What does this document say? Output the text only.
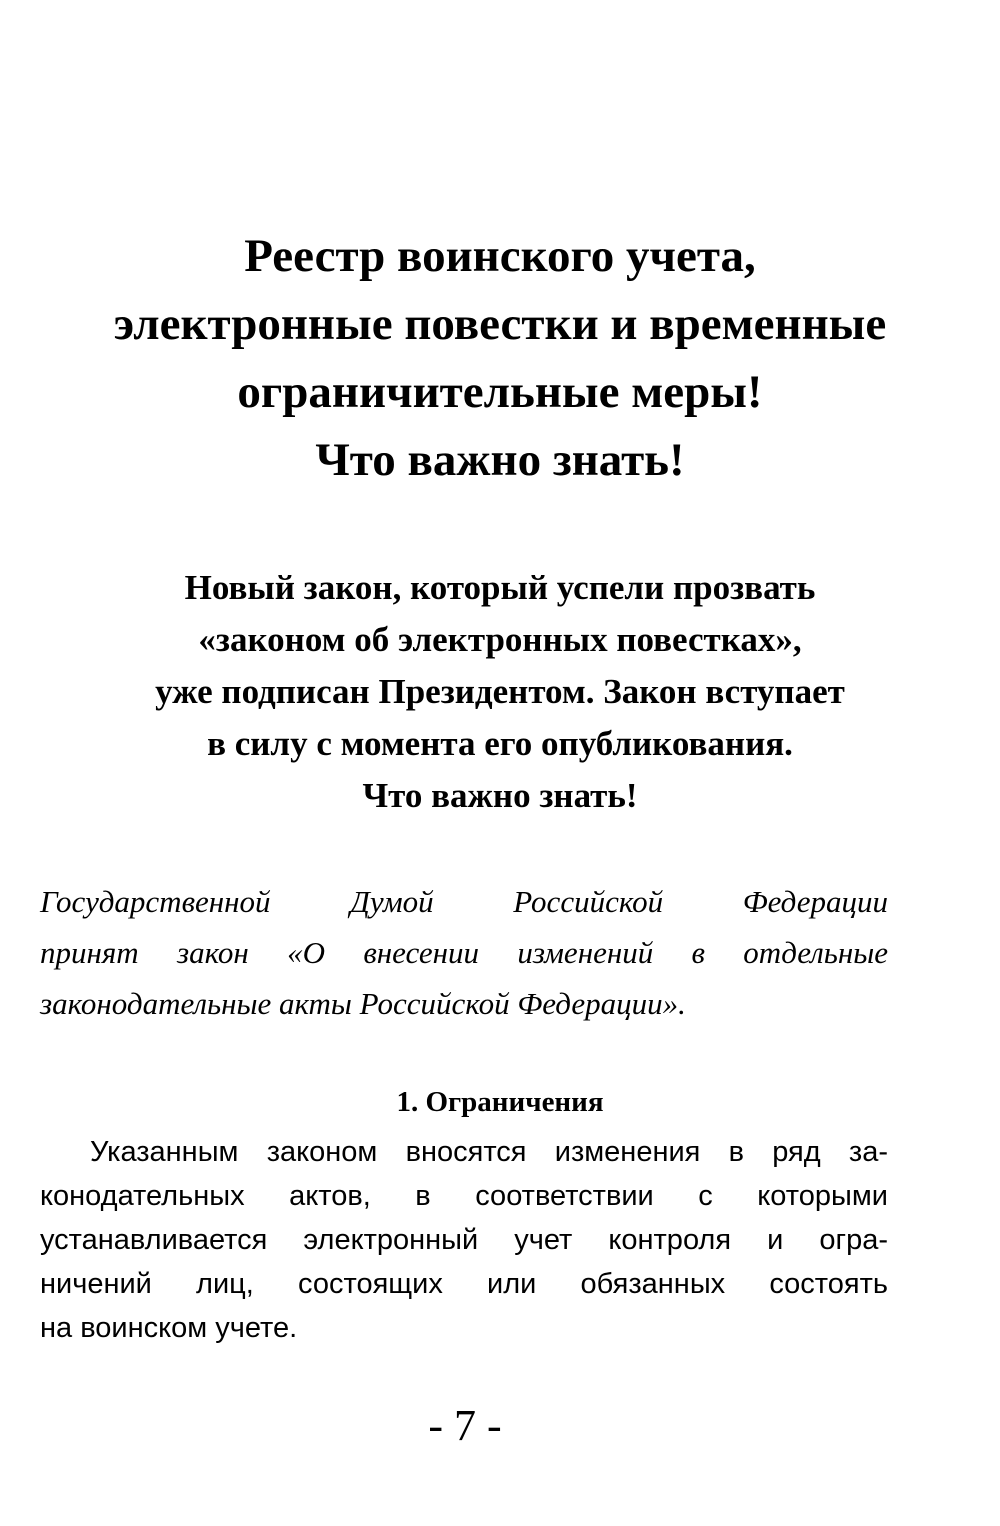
Реестр воинского учета,
электронные повестки и временные
ограничительные меры!
Что важно знать!
Новый закон, который успели прозвать
«законом об электронных повестках»,
уже подписан Президентом. Закон вступает
в силу с момента его опубликования.
Что важно знать!
Государственной Думой Российской Федерации
принят закон «О внесении изменений в отдельные
законодательные акты Российской Федерации».
1. Ограничения
Указанным законом вносятся изменения в ряд за-
конодательных актов, в соответствии с которыми
устанавливается электронный учет контроля и огра-
ничений лиц, состоящих или обязанных состоять
на воинском учете.
- 7 -
